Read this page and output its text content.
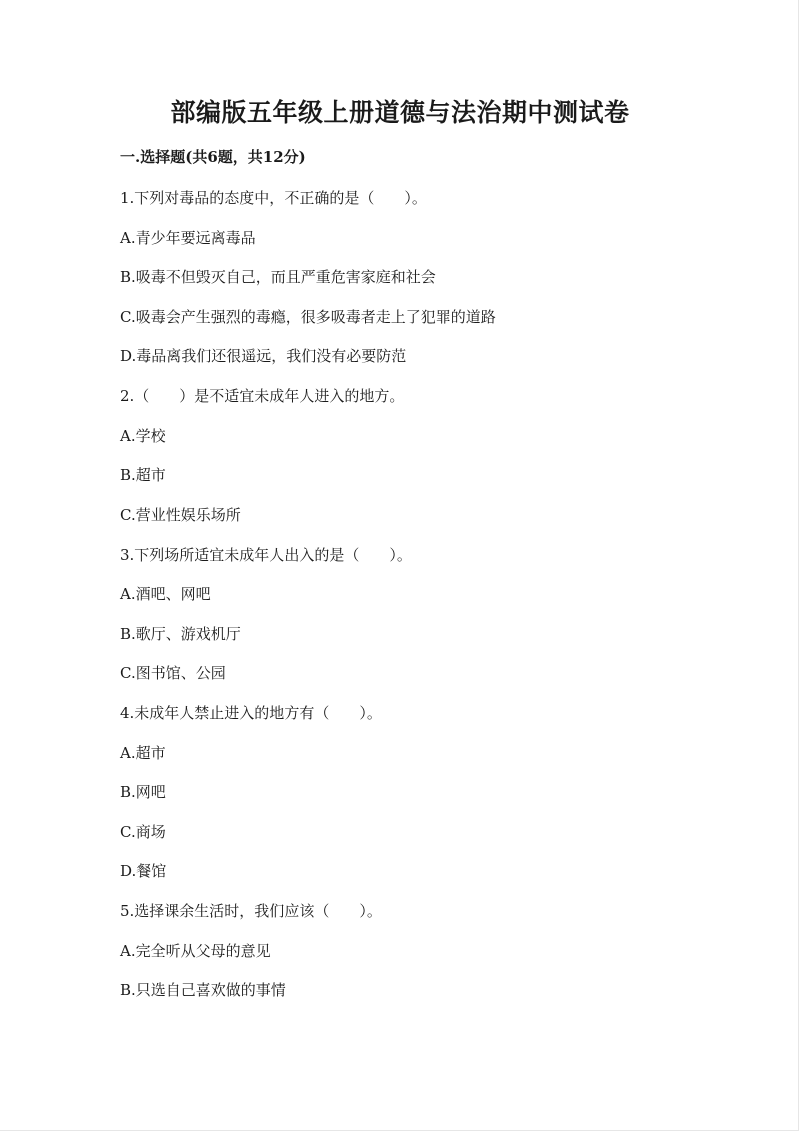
部编版五年级上册道德与法治期中测试卷
一.选择题(共6题，共12分)
1.下列对毒品的态度中，不正确的是（　　）。
A.青少年要远离毒品
B.吸毒不但毁灭自己，而且严重危害家庭和社会
C.吸毒会产生强烈的毒瘾，很多吸毒者走上了犯罪的道路
D.毒品离我们还很遥远，我们没有必要防范
2.（　　）是不适宜未成年人进入的地方。
A.学校
B.超市
C.营业性娱乐场所
3.下列场所适宜未成年人出入的是（　　）。
A.酒吧、网吧
B.歌厅、游戏机厅
C.图书馆、公园
4.未成年人禁止进入的地方有（　　）。
A.超市
B.网吧
C.商场
D.餐馆
5.选择课余生活时，我们应该（　　）。
A.完全听从父母的意见
B.只选自己喜欢做的事情
